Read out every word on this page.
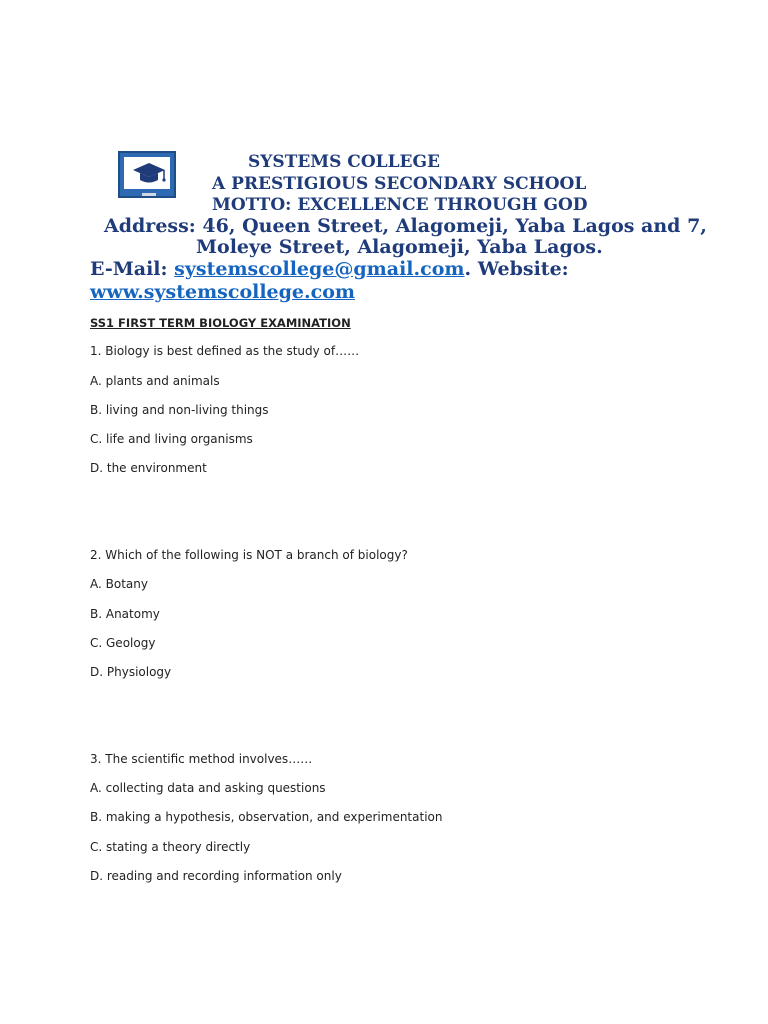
SYSTEMS COLLEGE
A PRESTIGIOUS SECONDARY SCHOOL
MOTTO: EXCELLENCE THROUGH GOD
Address: 46, Queen Street, Alagomeji, Yaba Lagos and 7,
Moleye Street, Alagomeji, Yaba Lagos.
E-Mail: systemscollege@gmail.com. Website:
www.systemscollege.com
SS1 FIRST TERM BIOLOGY EXAMINATION
1. Biology is best defined as the study of……
A. plants and animals
B. living and non-living things
C. life and living organisms
D. the environment
2. Which of the following is NOT a branch of biology?
A. Botany
B. Anatomy
C. Geology
D. Physiology
3. The scientific method involves……
A. collecting data and asking questions
B. making a hypothesis, observation, and experimentation
C. stating a theory directly
D. reading and recording information only
